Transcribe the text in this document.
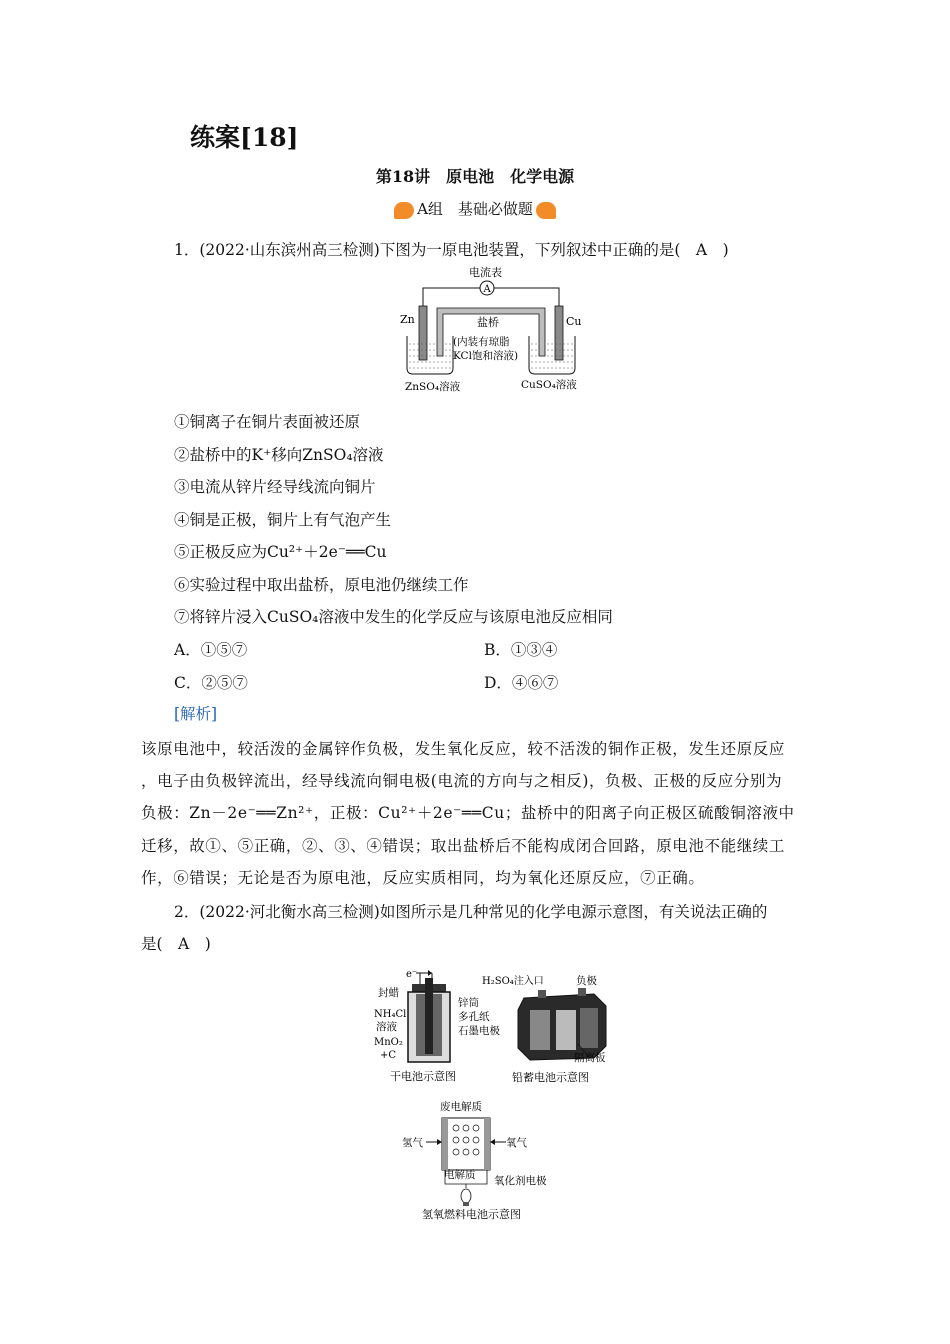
练案[18]
第18讲　原电池　化学电源
A组　基础必做题
1．(2022·山东滨州高三检测)下图为一原电池装置，下列叙述中正确的是(　A　)
电流表
A
Zn	Cu
盐桥
(内装有琼脂
KCl饱和溶液)
ZnSO₄溶液	CuSO₄溶液
①铜离子在铜片表面被还原
②盐桥中的K⁺移向ZnSO₄溶液
③电流从锌片经导线流向铜片
④铜是正极，铜片上有气泡产生
⑤正极反应为Cu²⁺＋2e⁻══Cu
⑥实验过程中取出盐桥，原电池仍继续工作
⑦将锌片浸入CuSO₄溶液中发生的化学反应与该原电池反应相同
A．①⑤⑦	B．①③④
C．②⑤⑦	D．④⑥⑦
[解析]
该原电池中，较活泼的金属锌作负极，发生氧化反应，较不活泼的铜作正极，发生还原反应
，电子由负极锌流出，经导线流向铜电极(电流的方向与之相反)，负极、正极的反应分别为
负极：Zn－2e⁻══Zn²⁺，正极：Cu²⁺＋2e⁻══Cu；盐桥中的阳离子向正极区硫酸铜溶液中
迁移，故①、⑤正确，②、③、④错误；取出盐桥后不能构成闭合回路，原电池不能继续工
作，⑥错误；无论是否为原电池，反应实质相同，均为氧化还原反应，⑦正确。
2．(2022·河北衡水高三检测)如图所示是几种常见的化学电源示意图，有关说法正确的
是(　A　)
e⁻
封蜡
NH₄Cl
溶液
MnO₂
+C
锌筒
多孔纸
石墨电极
干电池示意图
H₂SO₄注入口	负极
隔离板
铅蓄电池示意图
废电解质
氢气	氧气
电解质 氧化剂电极
氢氧燃料电池示意图
